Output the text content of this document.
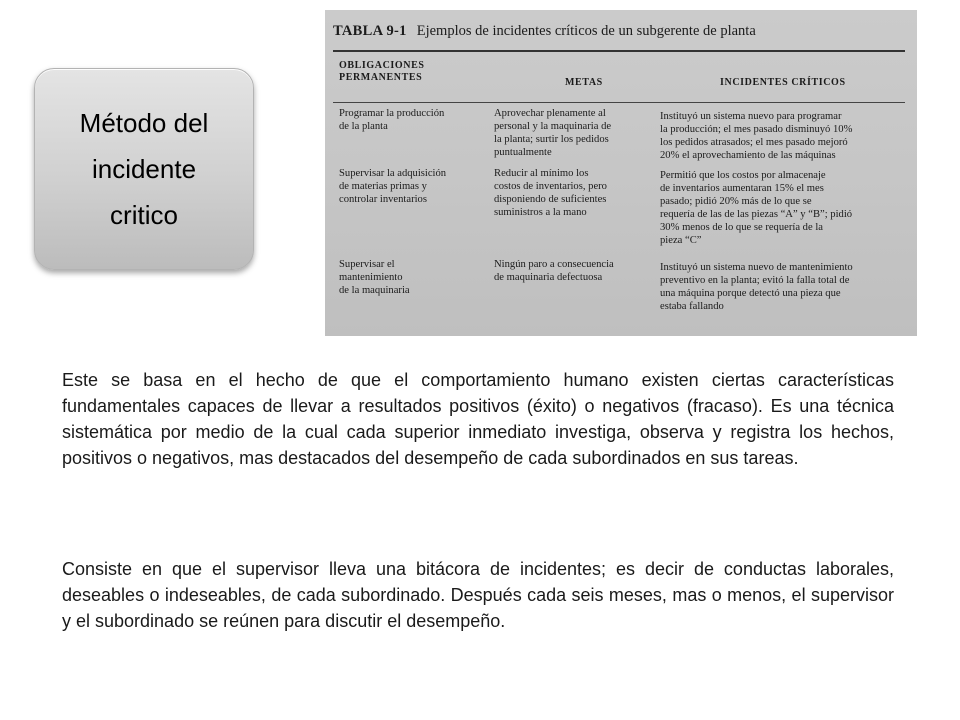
Método del
incidente
critico
TABLA 9-1 Ejemplos de incidentes críticos de un subgerente de planta
OBLIGACIONES
PERMANENTES	METAS	INCIDENTES CRÍTICOS
Programar la producción
de la planta
Aprovechar plenamente al
personal y la maquinaria de
la planta; surtir los pedidos
puntualmente
Instituyó un sistema nuevo para programar
la producción; el mes pasado disminuyó 10%
los pedidos atrasados; el mes pasado mejoró
20% el aprovechamiento de las máquinas
Supervisar la adquisición
de materias primas y
controlar inventarios
Reducir al mínimo los
costos de inventarios, pero
disponiendo de suficientes
suministros a la mano
Permitió que los costos por almacenaje
de inventarios aumentaran 15% el mes
pasado; pidió 20% más de lo que se
requería de las de las piezas “A” y “B”; pidió
30% menos de lo que se requería de la
pieza “C”
Supervisar el
mantenimiento
de la maquinaria
Ningún paro a consecuencia
de maquinaria defectuosa
Instituyó un sistema nuevo de mantenimiento
preventivo en la planta; evitó la falla total de
una máquina porque detectó una pieza que
estaba fallando

Este se basa en el hecho de que el comportamiento humano existen ciertas características fundamentales capaces de llevar a resultados positivos (éxito) o negativos (fracaso). Es una técnica sistemática por medio de la cual cada superior inmediato investiga, observa y registra los hechos, positivos o negativos, mas destacados del desempeño de cada subordinados en sus tareas.

Consiste en que el supervisor lleva una bitácora de incidentes; es decir de conductas laborales, deseables o indeseables, de cada subordinado. Después cada seis meses, mas o menos, el supervisor y el subordinado se reúnen para discutir el desempeño.
